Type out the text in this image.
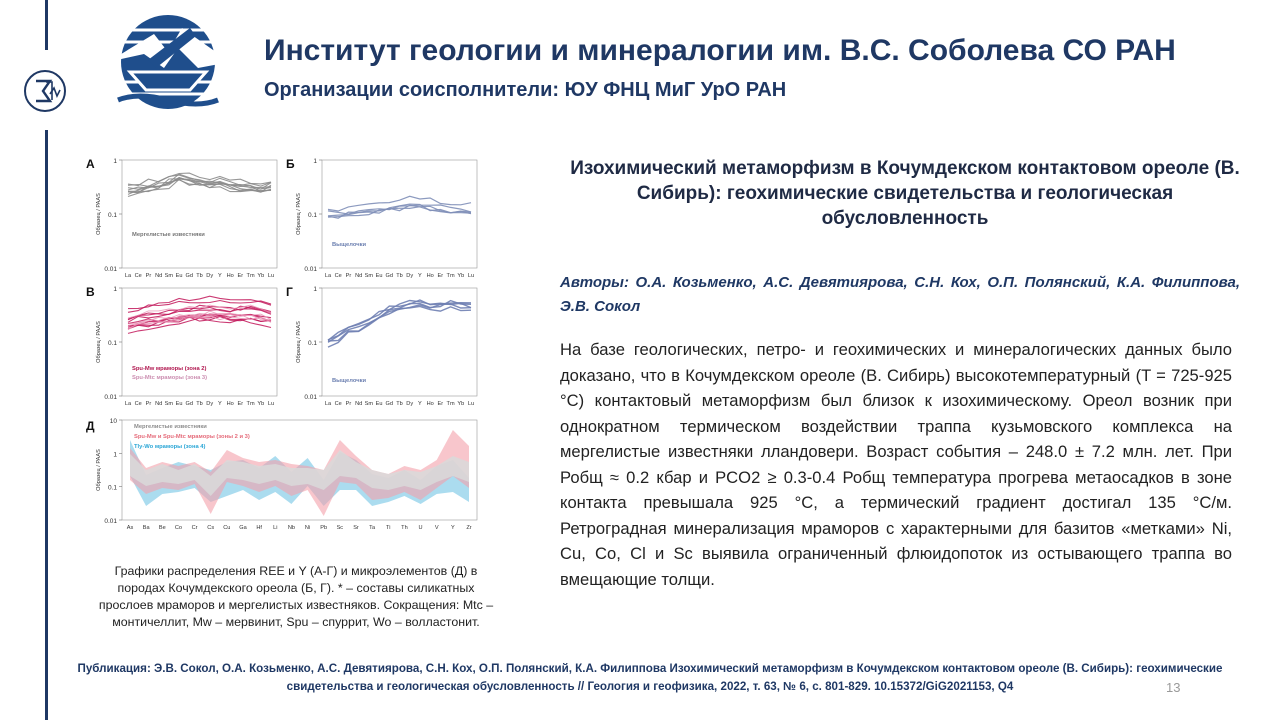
Институт геологии и минералогии им. В.С. Соболева СО РАН
Организации соисполнители: ЮУ ФНЦ МиГ УрО РАН
А	Б
В	Г
Д
1
0.1
0.01
La Ce Pr Nd Sm Eu Gd Tb Dy Y Ho Er Tm Yb Lu
Образец / PAAS
Мергелистые известняки
1
0.1
0.01
La Ce Pr Nd Sm Eu Gd Tb Dy Y Ho Er Tm Yb Lu
Образец / PAAS
Выщелочки
1
0.1
0.01
La Ce Pr Nd Sm Eu Gd Tb Dy Y Ho Er Tm Yb Lu
Образец / PAAS
Spu-Mw мраморы (зона 2)
Spu-Mtc мраморы (зона 3)
1
0.1
0.01
La Ce Pr Nd Sm Eu Gd Tb Dy Y Ho Er Tm Yb Lu
Образец / PAAS
Выщелочки
10
1
0.1
0.01
As Ba Be Co Cr Cs Cu Ga Hf Li Nb Ni Pb Sc Sr Ta Ti Th U V Y Zr
Образец / PAAS
Мергелистые известняки
Spu-Mw и Spu-Mtc мраморы (зоны 2 и 3)
Tly-Wo мраморы (зона 4)
Графики распределения REE и Y (А-Г) и микроэлементов (Д) в породах Кочумдекского ореола (Б, Г). * – составы силикатных прослоев мраморов и мергелистых известняков. Сокращения: Mtc – монтичеллит, Mw – мервинит, Spu – спуррит, Wo – волластонит.
Изохимический метаморфизм в Кочумдекском контактовом ореоле (В. Сибирь): геохимические свидетельства и геологическая обусловленность
Авторы: О.А. Козьменко, А.С. Девятиярова, С.Н. Кох, О.П. Полянский, К.А. Филиппова, Э.В. Сокол
На базе геологических, петро- и геохимических и минералогических данных было доказано, что в Кочумдекском ореоле (В. Сибирь) высокотемпературный (T = 725-925 °C) контактовый метаморфизм был близок к изохимическому. Ореол возник при однократном термическом воздействии траппа кузьмовского комплекса на мергелистые известняки лландовери. Возраст события – 248.0 ± 7.2 млн. лет. При Робщ ≈ 0.2 кбар и PCO2 ≥ 0.3-0.4 Робщ температура прогрева метаосадков в зоне контакта превышала 925 °C, а термический градиент достигал 135 °C/м. Ретроградная минерализация мраморов с характерными для базитов «метками» Ni, Cu, Co, Cl и Sc выявила ограниченный флюидопоток из остывающего траппа во вмещающие толщи.
Публикация: Э.В. Сокол, О.А. Козьменко, А.С. Девятиярова, С.Н. Кох, О.П. Полянский, К.А. Филиппова Изохимический метаморфизм в Кочумдекском контактовом ореоле (В. Сибирь): геохимические свидетельства и геологическая обусловленность // Геология и геофизика, 2022, т. 63, № 6, с. 801-829. 10.15372/GiG2021153, Q4	13
